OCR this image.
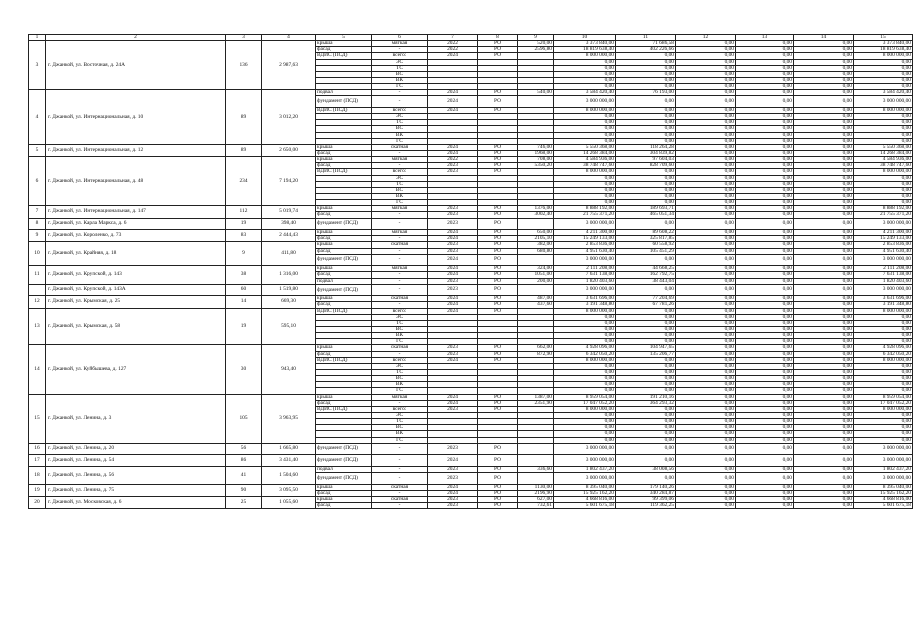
1	2	3	4	5	6	7	8	9	10	11	12	13	14	15
3	г. Джанкой, ул. Восточная, д. 24А	136	2 987,63	крыша	мягкая	2022	РО	520,00	3 373 840,00	71 686,58	0,00	0,00	0,00	3 373 840,00
				фасад	-	2022	РО	2596,80	18 819 638,40	402 226,66	0,00	0,00	0,00	18 819 638,40
				ВДИС (ПСД)	всего:	2024	РО		8 000 000,00	0,00	0,00	0,00	0,00	8 000 000,00
					ЭС				0,00	0,00	0,00	0,00	0,00	0,00
					ТС				0,00	0,00	0,00	0,00	0,00	0,00
					ВС				0,00	0,00	0,00	0,00	0,00	0,00
					ВК				0,00	0,00	0,00	0,00	0,00	0,00
					ГС				0,00	0,00	0,00	0,00	0,00	0,00
4	г. Джанкой, ул. Интернациональная, д. 10	89	3 012,20	подвал	-	2024	РО	540,00	3 584 420,40	76 193,00	0,00	0,00	0,00	3 584 420,40
				фундамент (ПСД)	-	2024	РО		3 000 000,00	0,00	0,00	0,00	0,00	3 000 000,00
				ВДИС (ПСД)	всего:	2024	РО		8 000 000,00	0,00	0,00	0,00	0,00	8 000 000,00
					ЭС				0,00	0,00	0,00	0,00	0,00	0,00
					ТС				0,00	0,00	0,00	0,00	0,00	0,00
					ВС				0,00	0,00	0,00	0,00	0,00	0,00
					ВК				0,00	0,00	0,00	0,00	0,00	0,00
					ГС				0,00	0,00	0,00	0,00	0,00	0,00
5	г. Джанкой, ул. Интернациональная, д. 12	89	2 650,00	крыша	скатная	2024	РО	746,00	5 550 368,00	118 264,28	0,00	0,00	0,00	5 550 368,00
				фасад	-	2024	РО	1968,00	14 268 384,00	304 839,82	0,00	0,00	0,00	14 268 384,00
6	г. Джанкой, ул. Интернациональная, д. 48	234	7 194,20	крыша	мягкая	2022	РО	708,00	4 584 936,00	97 604,03	0,00	0,00	0,00	4 584 936,00
				фасад	-	2023	РО	5350,20	38 748 747,60	828 709,60	0,00	0,00	0,00	38 748 747,60
				ВДИС (ПСД)	всего:	2023	РО		8 000 000,00	0,00	0,00	0,00	0,00	8 000 000,00
					ЭС				0,00	0,00	0,00	0,00	0,00	0,00
					ТС				0,00	0,00	0,00	0,00	0,00	0,00
					ВС				0,00	0,00	0,00	0,00	0,00	0,00
					ВК				0,00	0,00	0,00	0,00	0,00	0,00
					ГС				0,00	0,00	0,00	0,00	0,00	0,00
7	г. Джанкой, ул. Интернациональная, д. 147	112	5 019,74	крыша	мягкая	2023	РО	1376,00	8 888 192,00	189 693,71	0,00	0,00	0,00	8 888 192,00
				фасад	-	2023	РО	3002,40	21 755 371,20	465 051,34	0,00	0,00	0,00	21 755 371,20
8	г. Джанкой, ул. Карла Маркса, д. 6	19	398,40	фундамент (ПСД)	-	2023	РО		3 000 000,00	0,00	0,00	0,00	0,00	3 000 000,00
9	г. Джанкой, ул. Короленко, д. 73	83	2 444,43	крыша	мягкая	2024	РО	650,00	4 211 300,00	89 608,22	0,00	0,00	0,00	4 211 300,00
				фасад	-	2024	РО	2105,10	15 249 133,00	325 817,85	0,00	0,00	0,00	15 249 133,00
10	г. Джанкой, ул. Крайняя, д. 18	9	411,80	крыша	скатная	2023	РО	382,00	2 853 836,00	60 558,92	0,00	0,00	0,00	2 853 836,00
				фасад	-	2023	РО	680,80	4 951 630,40	105 451,29	0,00	0,00	0,00	4 951 630,40
				фундамент (ПСД)	-	2024	РО		3 000 000,00	0,00	0,00	0,00	0,00	3 000 000,00
11	г. Джанкой, ул. Крупской, д. 143	38	1 316,00	крыша	мягкая	2024	РО	324,00	2 111 208,00	44 668,25	0,00	0,00	0,00	2 111 208,00
				фасад	-	2024	РО	1051,00	7 631 138,00	162 792,75	0,00	0,00	0,00	7 631 138,00
				подвал	-	2023	РО	200,00	1 820 403,60	38 443,04	0,00	0,00	0,00	1 820 403,60
	г. Джанкой, ул. Крупской, д. 143А	60	1 519,80	фундамент (ПСД)	-	2023	РО		3 000 000,00	0,00	0,00	0,00	0,00	3 000 000,00
12	г. Джанкой, ул. Крымская, д. 25	14	669,30	крыша	скатная	2024	РО	487,00	3 631 696,00	77 204,69	0,00	0,00	0,00	3 631 696,00
				фасад	-	2024	РО	437,60	3 191 348,80	67 781,26	0,00	0,00	0,00	3 191 348,80
13	г. Джанкой, ул. Крымская, д. 58	19	595,10	ВДИС (ПСД)	всего:	2024	РО		8 000 000,00	0,00	0,00	0,00	0,00	8 000 000,00
					ЭС				0,00	0,00	0,00	0,00	0,00	0,00
					ТС				0,00	0,00	0,00	0,00	0,00	0,00
					ВС				0,00	0,00	0,00	0,00	0,00	0,00
					ВК				0,00	0,00	0,00	0,00	0,00	0,00
					ГС				0,00	0,00	0,00	0,00	0,00	0,00
14	г. Джанкой, ул. Куйбышева, д. 127	30	943,40	крыша	скатная	2023	РО	662,00	4 928 096,00	104 947,65	0,00	0,00	0,00	4 928 096,00
				фасад	-	2023	РО	872,90	6 342 050,20	135 206,77	0,00	0,00	0,00	6 342 050,20
				ВДИС (ПСД)	всего:	2024	РО		8 000 000,00	0,00	0,00	0,00	0,00	8 000 000,00
					ЭС				0,00	0,00	0,00	0,00	0,00	0,00
					ТС				0,00	0,00	0,00	0,00	0,00	0,00
					ВС				0,00	0,00	0,00	0,00	0,00	0,00
					ВК				0,00	0,00	0,00	0,00	0,00	0,00
					ГС				0,00	0,00	0,00	0,00	0,00	0,00
15	г. Джанкой, ул. Ленина, д. 3	105	3 963,95	крыша	мягкая	2024	РО	1387,00	8 959 054,00	191 210,16	0,00	0,00	0,00	8 959 054,00
				фасад	-	2024	РО	2351,90	17 047 052,20	364 293,32	0,00	0,00	0,00	17 047 052,20
				ВДИС (ПСД)	всего:	2023	РО		8 000 000,00	0,00	0,00	0,00	0,00	8 000 000,00
					ЭС				0,00	0,00	0,00	0,00	0,00	0,00
					ТС				0,00	0,00	0,00	0,00	0,00	0,00
					ВС				0,00	0,00	0,00	0,00	0,00	0,00
					ВК				0,00	0,00	0,00	0,00	0,00	0,00
					ГС				0,00	0,00	0,00	0,00	0,00	0,00
16	г. Джанкой, ул. Ленина, д. 20	56	1 665,80	фундамент (ПСД)	-	2023	РО		3 000 000,00	0,00	0,00	0,00	0,00	3 000 000,00
17	г. Джанкой, ул. Ленина, д. 54	86	3 431,40	фундамент (ПСД)	-	2024	РО		3 000 000,00	0,00	0,00	0,00	0,00	3 000 000,00
18	г. Джанкой, ул. Ленина, д. 56	41	1 504,60	подвал	-	2023	РО	336,60	1 802 437,20	38 008,56	0,00	0,00	0,00	1 802 437,20
				фундамент (ПСД)	-	2023	РО		3 000 000,00	0,00	0,00	0,00	0,00	3 000 000,00
19	г. Джанкой, ул. Ленина, д. 75	90	3 095,50	крыша	скатная	2024	РО	1130,00	8 395 040,00	179 140,26	0,00	0,00	0,00	8 395 040,00
				фасад	-	2024	РО	2196,90	15 925 162,20	340 284,87	0,00	0,00	0,00	15 925 162,20
20	г. Джанкой, ул. Московская, д. 6	25	1 055,60	крыша	скатная	2023	РО	627,00	4 668 816,00	99 399,06	0,00	0,00	0,00	4 668 816,00
				фасад	-	2023	РО	732,61	5 601 675,18	119 362,25	0,00	0,00	0,00	5 601 675,18
